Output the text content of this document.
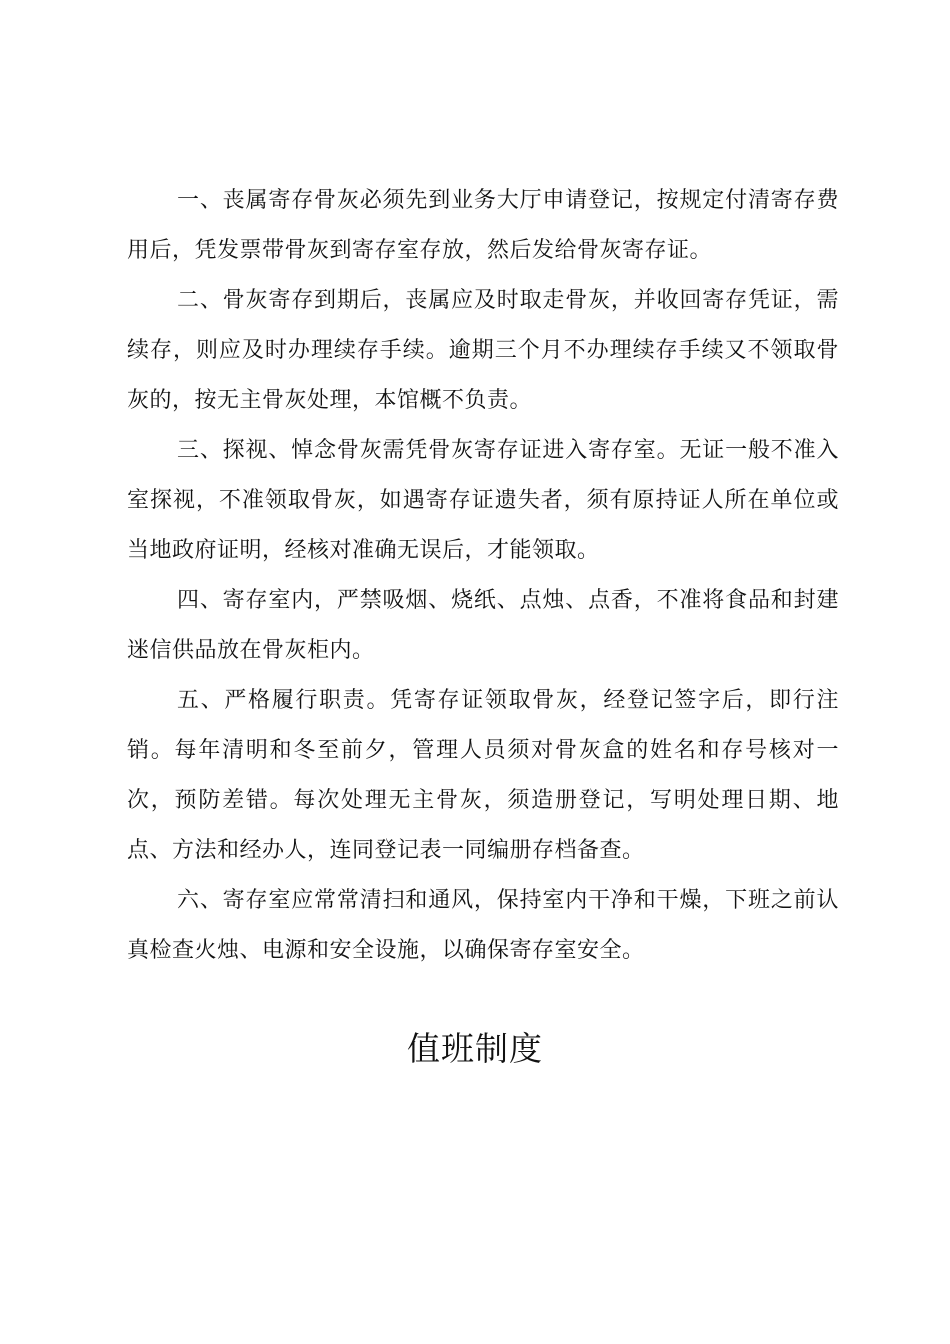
一、丧属寄存骨灰必须先到业务大厅申请登记，按规定付清寄存费用后，凭发票带骨灰到寄存室存放，然后发给骨灰寄存证。

二、骨灰寄存到期后，丧属应及时取走骨灰，并收回寄存凭证，需续存，则应及时办理续存手续。逾期三个月不办理续存手续又不领取骨灰的，按无主骨灰处理，本馆概不负责。

三、探视、悼念骨灰需凭骨灰寄存证进入寄存室。无证一般不准入室探视，不准领取骨灰，如遇寄存证遗失者，须有原持证人所在单位或当地政府证明，经核对准确无误后，才能领取。

四、寄存室内，严禁吸烟、烧纸、点烛、点香，不准将食品和封建迷信供品放在骨灰柜内。

五、严格履行职责。凭寄存证领取骨灰，经登记签字后，即行注销。每年清明和冬至前夕，管理人员须对骨灰盒的姓名和存号核对一次，预防差错。每次处理无主骨灰，须造册登记，写明处理日期、地点、方法和经办人，连同登记表一同编册存档备查。

六、寄存室应常常清扫和通风，保持室内干净和干燥，下班之前认真检查火烛、电源和安全设施，以确保寄存室安全。

值班制度
